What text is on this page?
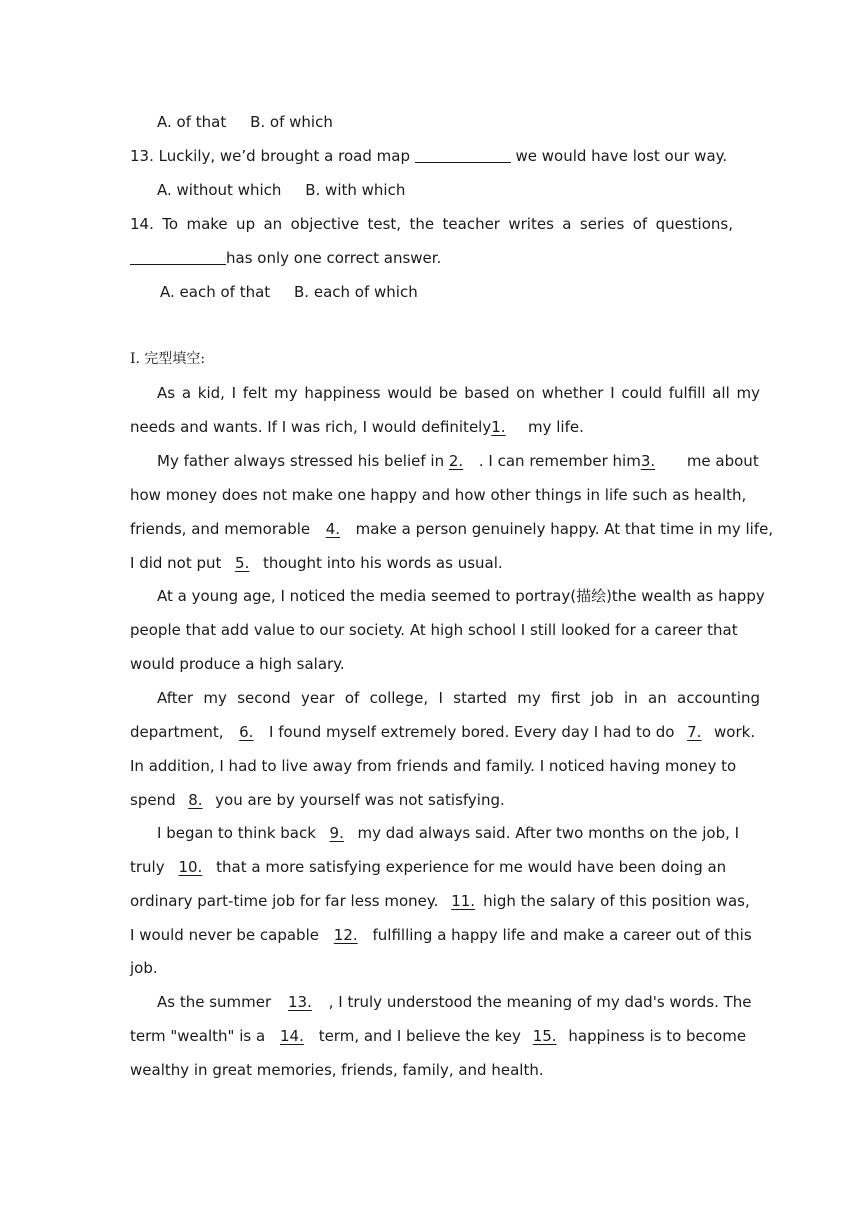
A. of that B. of which
13. Luckily, we’d brought a road map	we would have lost our way.
A. without which B. with which
14. To make up an objective test, the teacher writes a series of questions,
has only one correct answer.
A. each of that B. each of which
I. 完型填空:
As a kid, I felt my happiness would be based on whether I could fulfill all my
needs and wants. If I was rich, I would definitely1. my life.
My father always stressed his belief in 2. . I can remember him3. me about
how money does not make one happy and how other things in life such as health,
friends, and memorable 4. make a person genuinely happy. At that time in my life,
I did not put 5. thought into his words as usual.
At a young age, I noticed the media seemed to portray(描绘)the wealth as happy
people that add value to our society. At high school I still looked for a career that
would produce a high salary.
After my second year of college, I started my first job in an accounting
department, 6. I found myself extremely bored. Every day I had to do 7. work.
In addition, I had to live away from friends and family. I noticed having money to
spend 8. you are by yourself was not satisfying.
I began to think back 9. my dad always said. After two months on the job, I
truly 10. that a more satisfying experience for me would have been doing an
ordinary part-time job for far less money. 11. high the salary of this position was,
I would never be capable 12. fulfilling a happy life and make a career out of this
job.
As the summer 13. , I truly understood the meaning of my dad's words. The
term "wealth" is a 14. term, and I believe the key 15. happiness is to become
wealthy in great memories, friends, family, and health.
